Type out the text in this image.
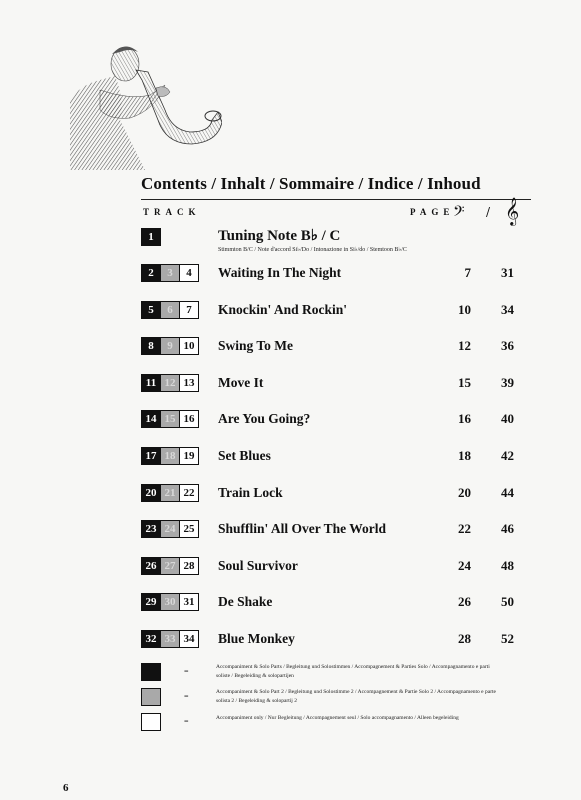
Contents / Inhalt / Sommaire / Indice / Inhoud
TRACK	PAGE
𝄢 / 𝄞
1	Tuning Note B♭ / C
Stimmton B/C / Note d'accord Si♭/Do / Intonazione in Si♭/do / Stemtoon B♭/C
2	3	4	Waiting In The Night	7 31
5	6	7	Knockin' And Rockin'	10 34
8	9 10	Swing To Me	12 36
11 12 13	Move It	15 39
14 15 16	Are You Going?	16 40
17 18 19	Set Blues	18 42
20 21 22	Train Lock	20 44
23 24 25	Shufflin' All Over The World	22 46
26 27 28	Soul Survivor	24 48
29 30 31	De Shake	26 50
32 33 34	Blue Monkey	28 52
=	Accompaniment & Solo Parts / Begleitung und Solostimmen / Accompagnement & Parties Solo / Accompagnamento e parti soliste / Begeleiding & solopartijen
=	Accompaniment & Solo Part 2 / Begleitung und Solostimme 2 / Accompagnement & Partie Solo 2 / Accompagnamento e parte solista 2 / Begeleiding & solopartij 2
=	Accompaniment only / Nur Begleitung / Accompagnement seul / Solo accompagnamento / Alleen begeleiding
6
